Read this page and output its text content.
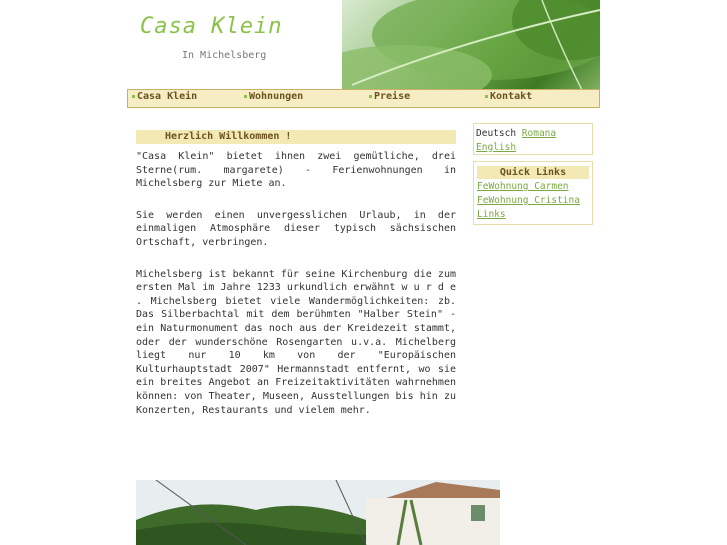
Casa Klein
In Michelsberg
Casa Klein	Wohnungen	Preise	Kontakt
Herzlich Willkommen !

"Casa Klein" bietet ihnen zwei gemütliche, drei Sterne(rum. margarete) - Ferienwohnungen in Michelsberg zur Miete an.

Sie werden einen unvergesslichen Urlaub, in der einmaligen Atmosphäre dieser typisch sächsischen Ortschaft, verbringen.

Michelsberg ist bekannt für seine Kirchenburg die zum ersten Mal im Jahre 1233 urkundlich erwähnt w u r d e . Michelsberg bietet viele Wandermöglichkeiten: zb. Das Silberbachtal mit dem berühmten "Halber Stein" - ein Naturmonument das noch aus der Kreidezeit stammt, oder der wunderschöne Rosengarten u.v.a. Michelberg liegt nur 10 km von der "Europäischen Kulturhauptstadt 2007" Hermannstadt entfernt, wo sie ein breites Angebot an Freizeitaktivitäten wahrnehmen können: von Theater, Museen, Ausstellungen bis hin zu Konzerten, Restaurants und vielem mehr.

Deutsch Romana
English
Quick Links
FeWohnung Carmen
FeWohnung Cristina
Links
